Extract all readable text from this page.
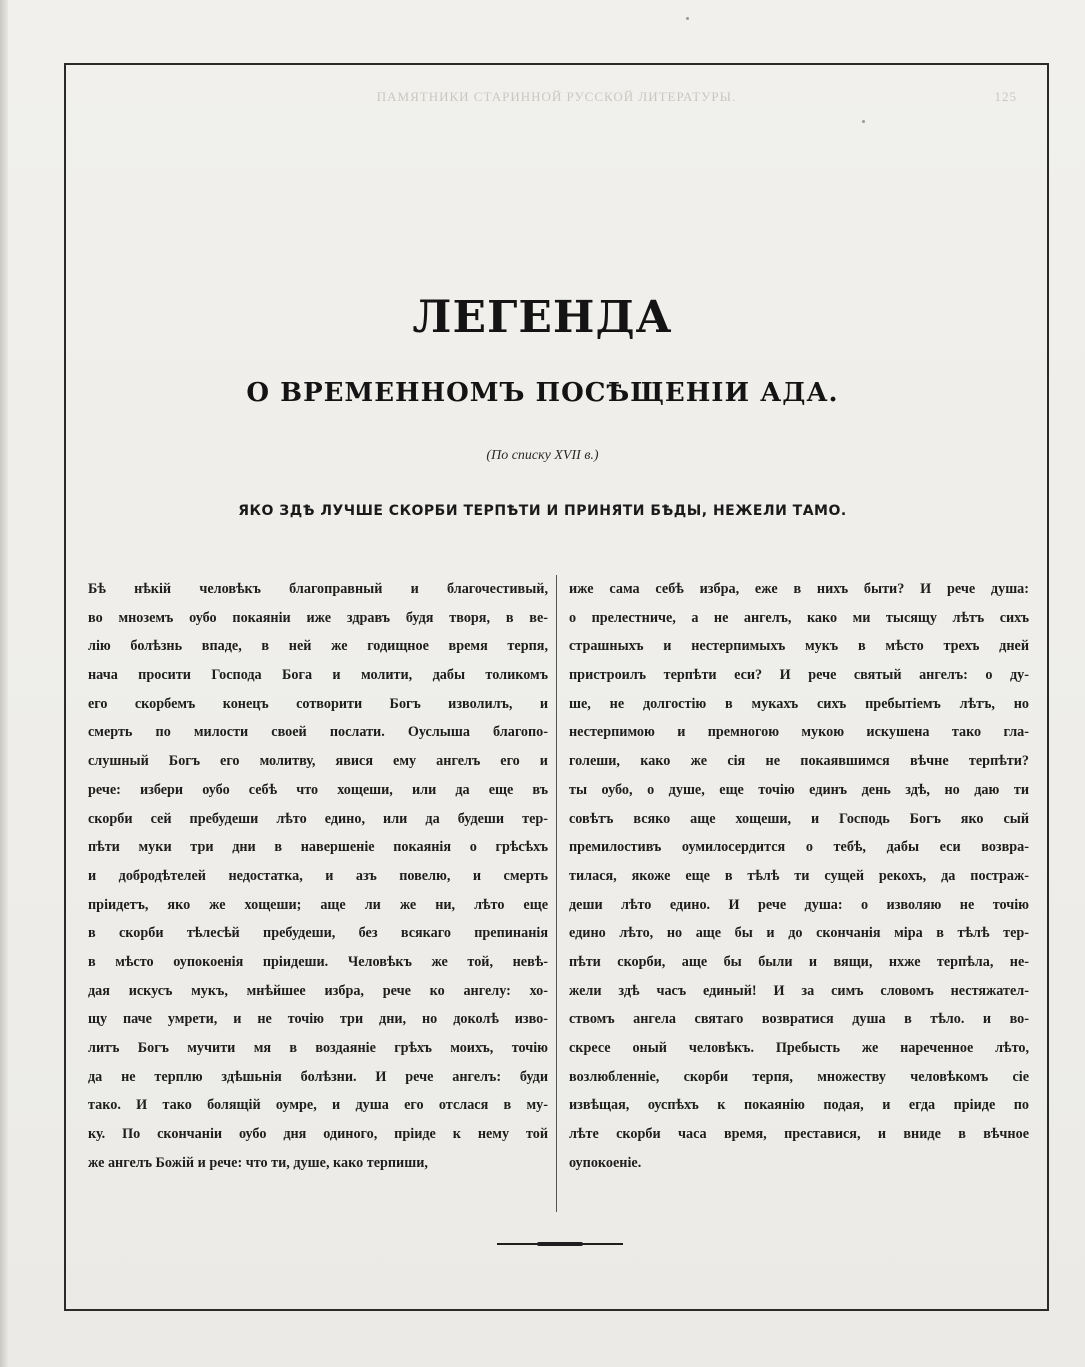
ПАМЯТНИКИ СТАРИННОЙ РУССКОЙ ЛИТЕРАТУРЫ.	125
ЛЕГЕНДА
О ВРЕМЕННОМЪ ПОСѢЩЕНІИ АДА.
(По списку XVII в.)
ЯКО ЗДѢ ЛУЧШЕ СКОРБИ ТЕРПѢТИ И ПРИНЯТИ БѢДЫ, НЕЖЕЛИ ТАМО.
Бѣ нѣкій человѣкъ благоправный и благочестивый,
во мноземъ оубо покаяніи иже здравъ будя творя, в ве-
лію болѣзнь впаде, в ней же годищное время терпя,
нача просити Господа Бога и молити, дабы толикомъ
его скорбемъ конецъ сотворити Богъ изволилъ, и
смерть по милости своей послати. Оуслыша благопо-
слушный Богъ его молитву, явися ему ангелъ его и
рече: избери оубо себѣ что хощеши, или да еще въ
скорби сей пребудеши лѣто едино, или да будеши тер-
пѣти муки три дни в навершеніе покаянія о грѣсѣхъ
и добродѣтелей недостатка, и азъ повелю, и смерть
пріидетъ, яко же хощеши; аще ли же ни, лѣто еще
в скорби тѣлесѣй пребудеши, без всякаго препинанія
в мѣсто оупокоенія пріидеши. Человѣкъ же той, невѣ-
дая искусъ мукъ, мнѣйшее избра, рече ко ангелу: хо-
щу паче умрети, и не точію три дни, но доколѣ изво-
литъ Богъ мучити мя в воздаяніе грѣхъ моихъ, точію
да не терплю здѣшьнія болѣзни. И рече ангелъ: буди
тако. И тако болящій оумре, и душа его отслася в му-
ку. По скончаніи оубо дня одиного, пріиде к нему той
же ангелъ Божій и рече: что ти, душе, како терпиши,
иже сама себѣ избра, еже в нихъ быти? И рече душа:
о прелестниче, а не ангелъ, како ми тысящу лѣтъ сихъ
страшныхъ и нестерпимыхъ мукъ в мѣсто трехъ дней
пристроилъ терпѣти еси? И рече святый ангелъ: о ду-
ше, не долгостію в мукахъ сихъ пребытіемъ лѣтъ, но
нестерпимою и премногою мукою искушена тако гла-
голеши, како же сія не покаявшимся вѣчне терпѣти?
ты оубо, о душе, еще точію единъ день здѣ, но даю ти
совѣтъ всяко аще хощеши, и Господь Богъ яко сый
премилостивъ оумилосердится о тебѣ, дабы еси возвра-
тилася, якоже еще в тѣлѣ ти сущей рекохъ, да пострaж-
деши лѣто едино. И рече душа: о изволяю не точію
едино лѣто, но аще бы и до скончанія міра в тѣлѣ тер-
пѣти скорби, аще бы были и вящи, нхже терпѣла, не-
жели здѣ часъ единый! И за симъ словомъ нестяжател-
ствомъ ангела святаго возвратися душа в тѣло. и во-
скресе оный человѣкъ. Пребысть же нареченное лѣто,
возлюбленніе, скорби терпя, множеству человѣкомъ сіе
извѣщая, оуспѣхъ к покаянію подая, и егда пріиде по
лѣте скорби часа время, преставися, и вниде в вѣчное
оупокоеніе.
